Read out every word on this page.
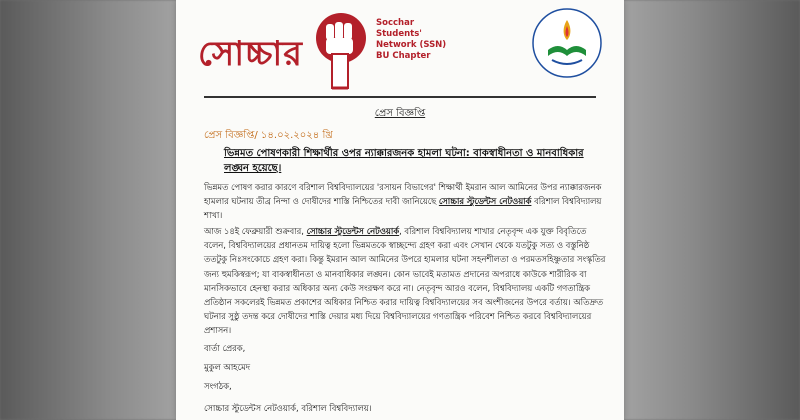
সোচ্চার
Socchar
Students'
Network (SSN)
BU Chapter
প্রেস বিজ্ঞপ্তি
প্রেস বিজ্ঞপ্তি/ ১৪.০২.২০২৪ খ্রি
ভিন্নমত পোষণকারী শিক্ষার্থীর ওপর ন্যাক্কারজনক হামলা ঘটনা: বাকস্বাধীনতা ও মানবাধিকার লঙ্ঘন হয়েছে।

ভিন্নমত পোষণ করার কারণে বরিশাল বিশ্ববিদ্যালয়ের 'রসায়ন বিভাগের' শিক্ষার্থী ইমরান আল আমিনের উপর ন্যাক্কারজনক হামলার ঘটনায় তীব্র নিন্দা ও দোষীদের শাস্তি নিশ্চিতের দাবী জানিয়েছে সোচ্চার স্টুডেন্টস নেটওয়ার্ক বরিশাল বিশ্ববিদ্যালয় শাখা।

আজ ১৪ই ফেব্রুয়ারী শুক্রবার, সোচ্চার স্টুডেন্টস নেটওয়ার্ক, বরিশাল বিশ্ববিদ্যালয় শাখার নেতৃবৃন্দ এক যুক্ত বিবৃতিতে বলেন, বিশ্ববিদ্যালয়ের প্রধানতম দায়িত্ব হলো ভিন্নমতকে স্বাচ্ছন্দ্যে গ্রহণ করা এবং সেখান থেকে যতটুকু সত্য ও বস্তুনিষ্ঠ ততটুকু নিঃসংকোচে গ্রহণ করা। কিন্তু ইমরান আল আমিনের উপরে হামলার ঘটনা সহনশীলতা ও পরমতসহিষ্ণুতার সংস্কৃতির জন্য হুমকিস্বরূপ; যা বাকস্বাধীনতা ও মানবাধিকার লঙ্ঘন। কোন ভাবেই মতামত প্রদানের অপরাধে কাউকে শারীরিক বা মানসিকভাবে হেনস্থা করার অধিকার অন্য কেউ সংরক্ষণ করে না। নেতৃবৃন্দ আরও বলেন, বিশ্ববিদ্যালয় একটি গণতান্ত্রিক প্রতিষ্ঠান সকলেরই ভিন্নমত প্রকাশের অধিকার নিশ্চিত করার দায়িত্ব বিশ্ববিদ্যালয়ের সব অংশীজনের উপরে বর্তায়। অতিদ্রুত ঘটনার সুষ্ঠু তদন্ত করে দোষীদের শাস্তি দেয়ার মধ্য দিয়ে বিশ্ববিদ্যালয়ের গণতান্ত্রিক পরিবেশ নিশ্চিত করবে বিশ্ববিদ্যালয়ের প্রশাসন।

বার্তা প্রেরক,
মুকুল আহমেদ
সংগঠক,
সোচ্চার স্টুডেন্টস নেটওয়ার্ক, বরিশাল বিশ্ববিদ্যালয়।
